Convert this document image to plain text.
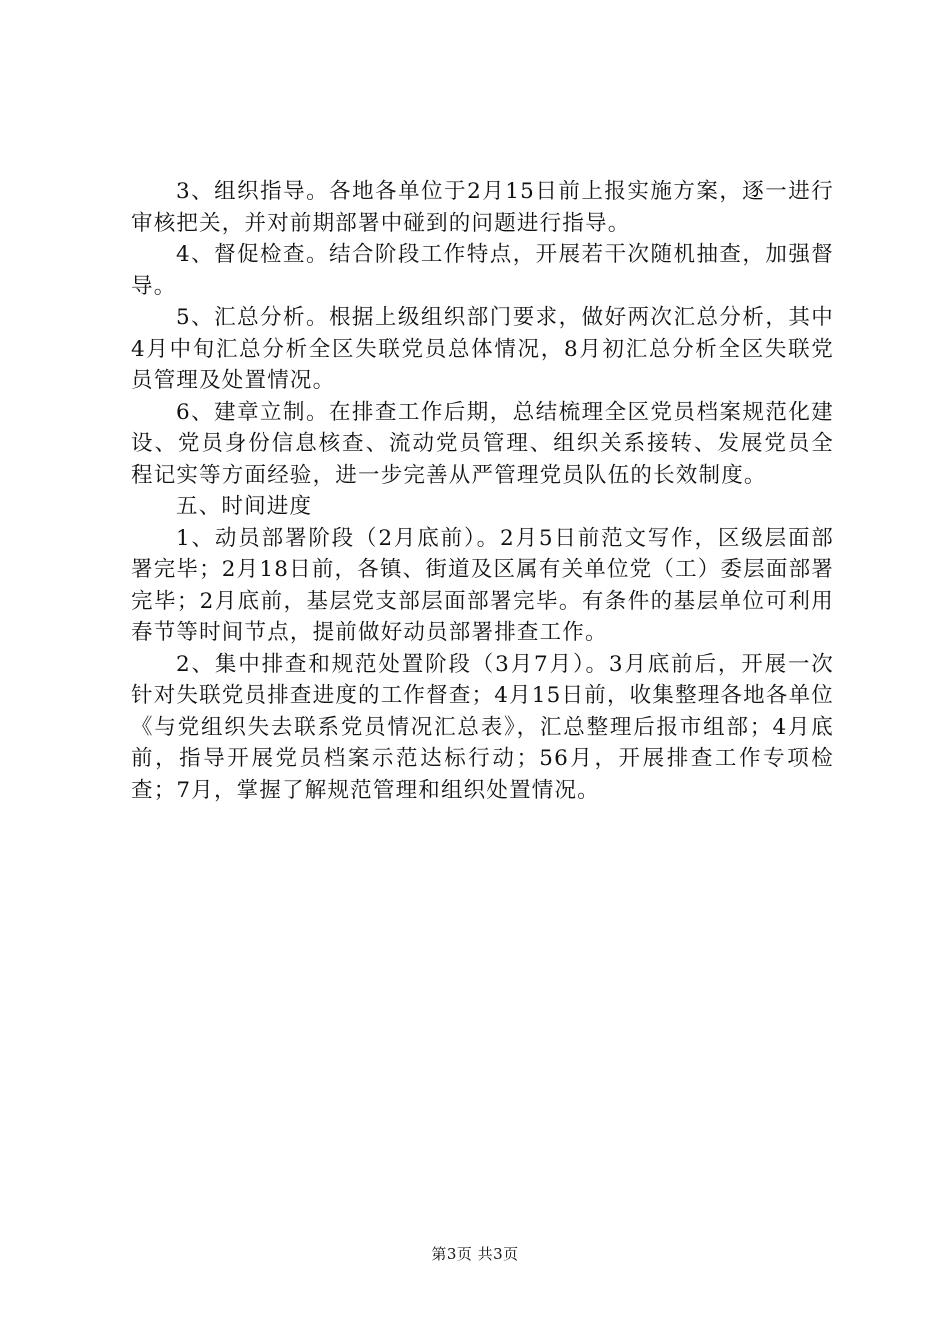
3、组织指导。各地各单位于2月15日前上报实施方案，逐一进行审核把关，并对前期部署中碰到的问题进行指导。

4、督促检查。结合阶段工作特点，开展若干次随机抽查，加强督导。

5、汇总分析。根据上级组织部门要求，做好两次汇总分析，其中4月中旬汇总分析全区失联党员总体情况，8月初汇总分析全区失联党员管理及处置情况。

6、建章立制。在排查工作后期，总结梳理全区党员档案规范化建设、党员身份信息核查、流动党员管理、组织关系接转、发展党员全程记实等方面经验，进一步完善从严管理党员队伍的长效制度。

五、时间进度

1、动员部署阶段（2月底前）。2月5日前范文写作，区级层面部署完毕；2月18日前，各镇、街道及区属有关单位党（工）委层面部署完毕；2月底前，基层党支部层面部署完毕。有条件的基层单位可利用春节等时间节点，提前做好动员部署排查工作。

2、集中排查和规范处置阶段（3月7月）。3月底前后，开展一次针对失联党员排查进度的工作督查；4月15日前，收集整理各地各单位《与党组织失去联系党员情况汇总表》，汇总整理后报市组部；4月底前，指导开展党员档案示范达标行动；56月，开展排查工作专项检查；7月，掌握了解规范管理和组织处置情况。

第3页 共3页
